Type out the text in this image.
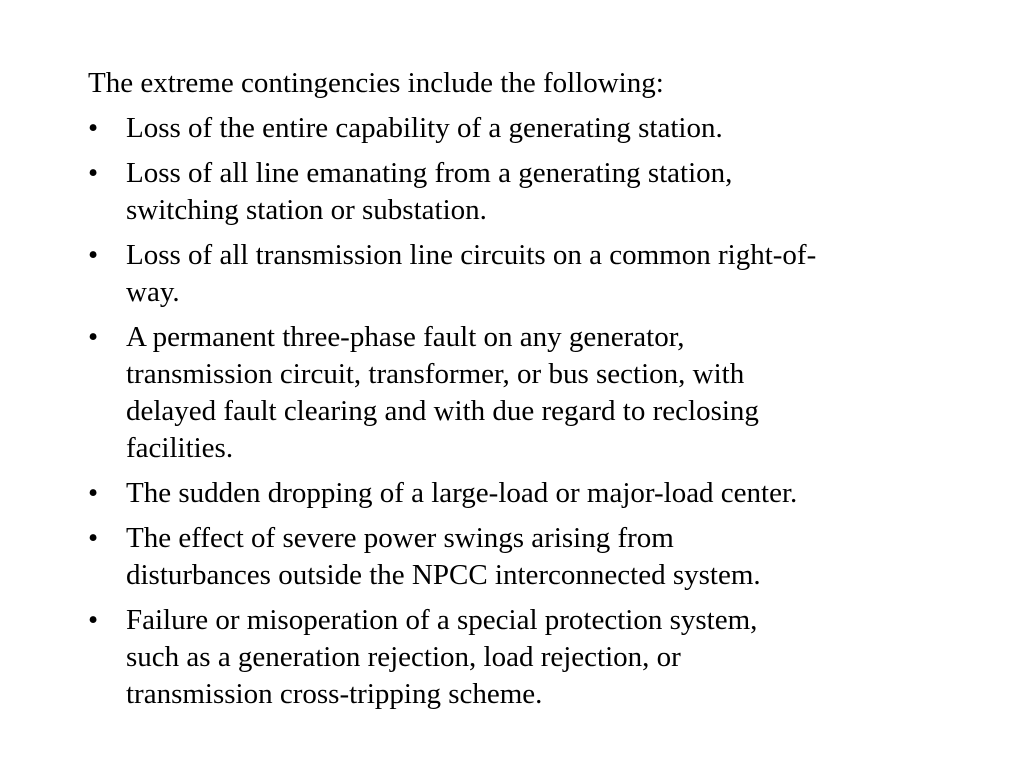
The extreme contingencies include the following:
• Loss of the entire capability of a generating station.
• Loss of all line emanating from a generating station,
switching station or substation.
• Loss of all transmission line circuits on a common right-of-
way.
• A permanent three-phase fault on any generator,
transmission circuit, transformer, or bus section, with
delayed fault clearing and with due regard to reclosing
facilities.
• The sudden dropping of a large-load or major-load center.
• The effect of severe power swings arising from
disturbances outside the NPCC interconnected system.
• Failure or misoperation of a special protection system,
such as a generation rejection, load rejection, or
transmission cross-tripping scheme.
